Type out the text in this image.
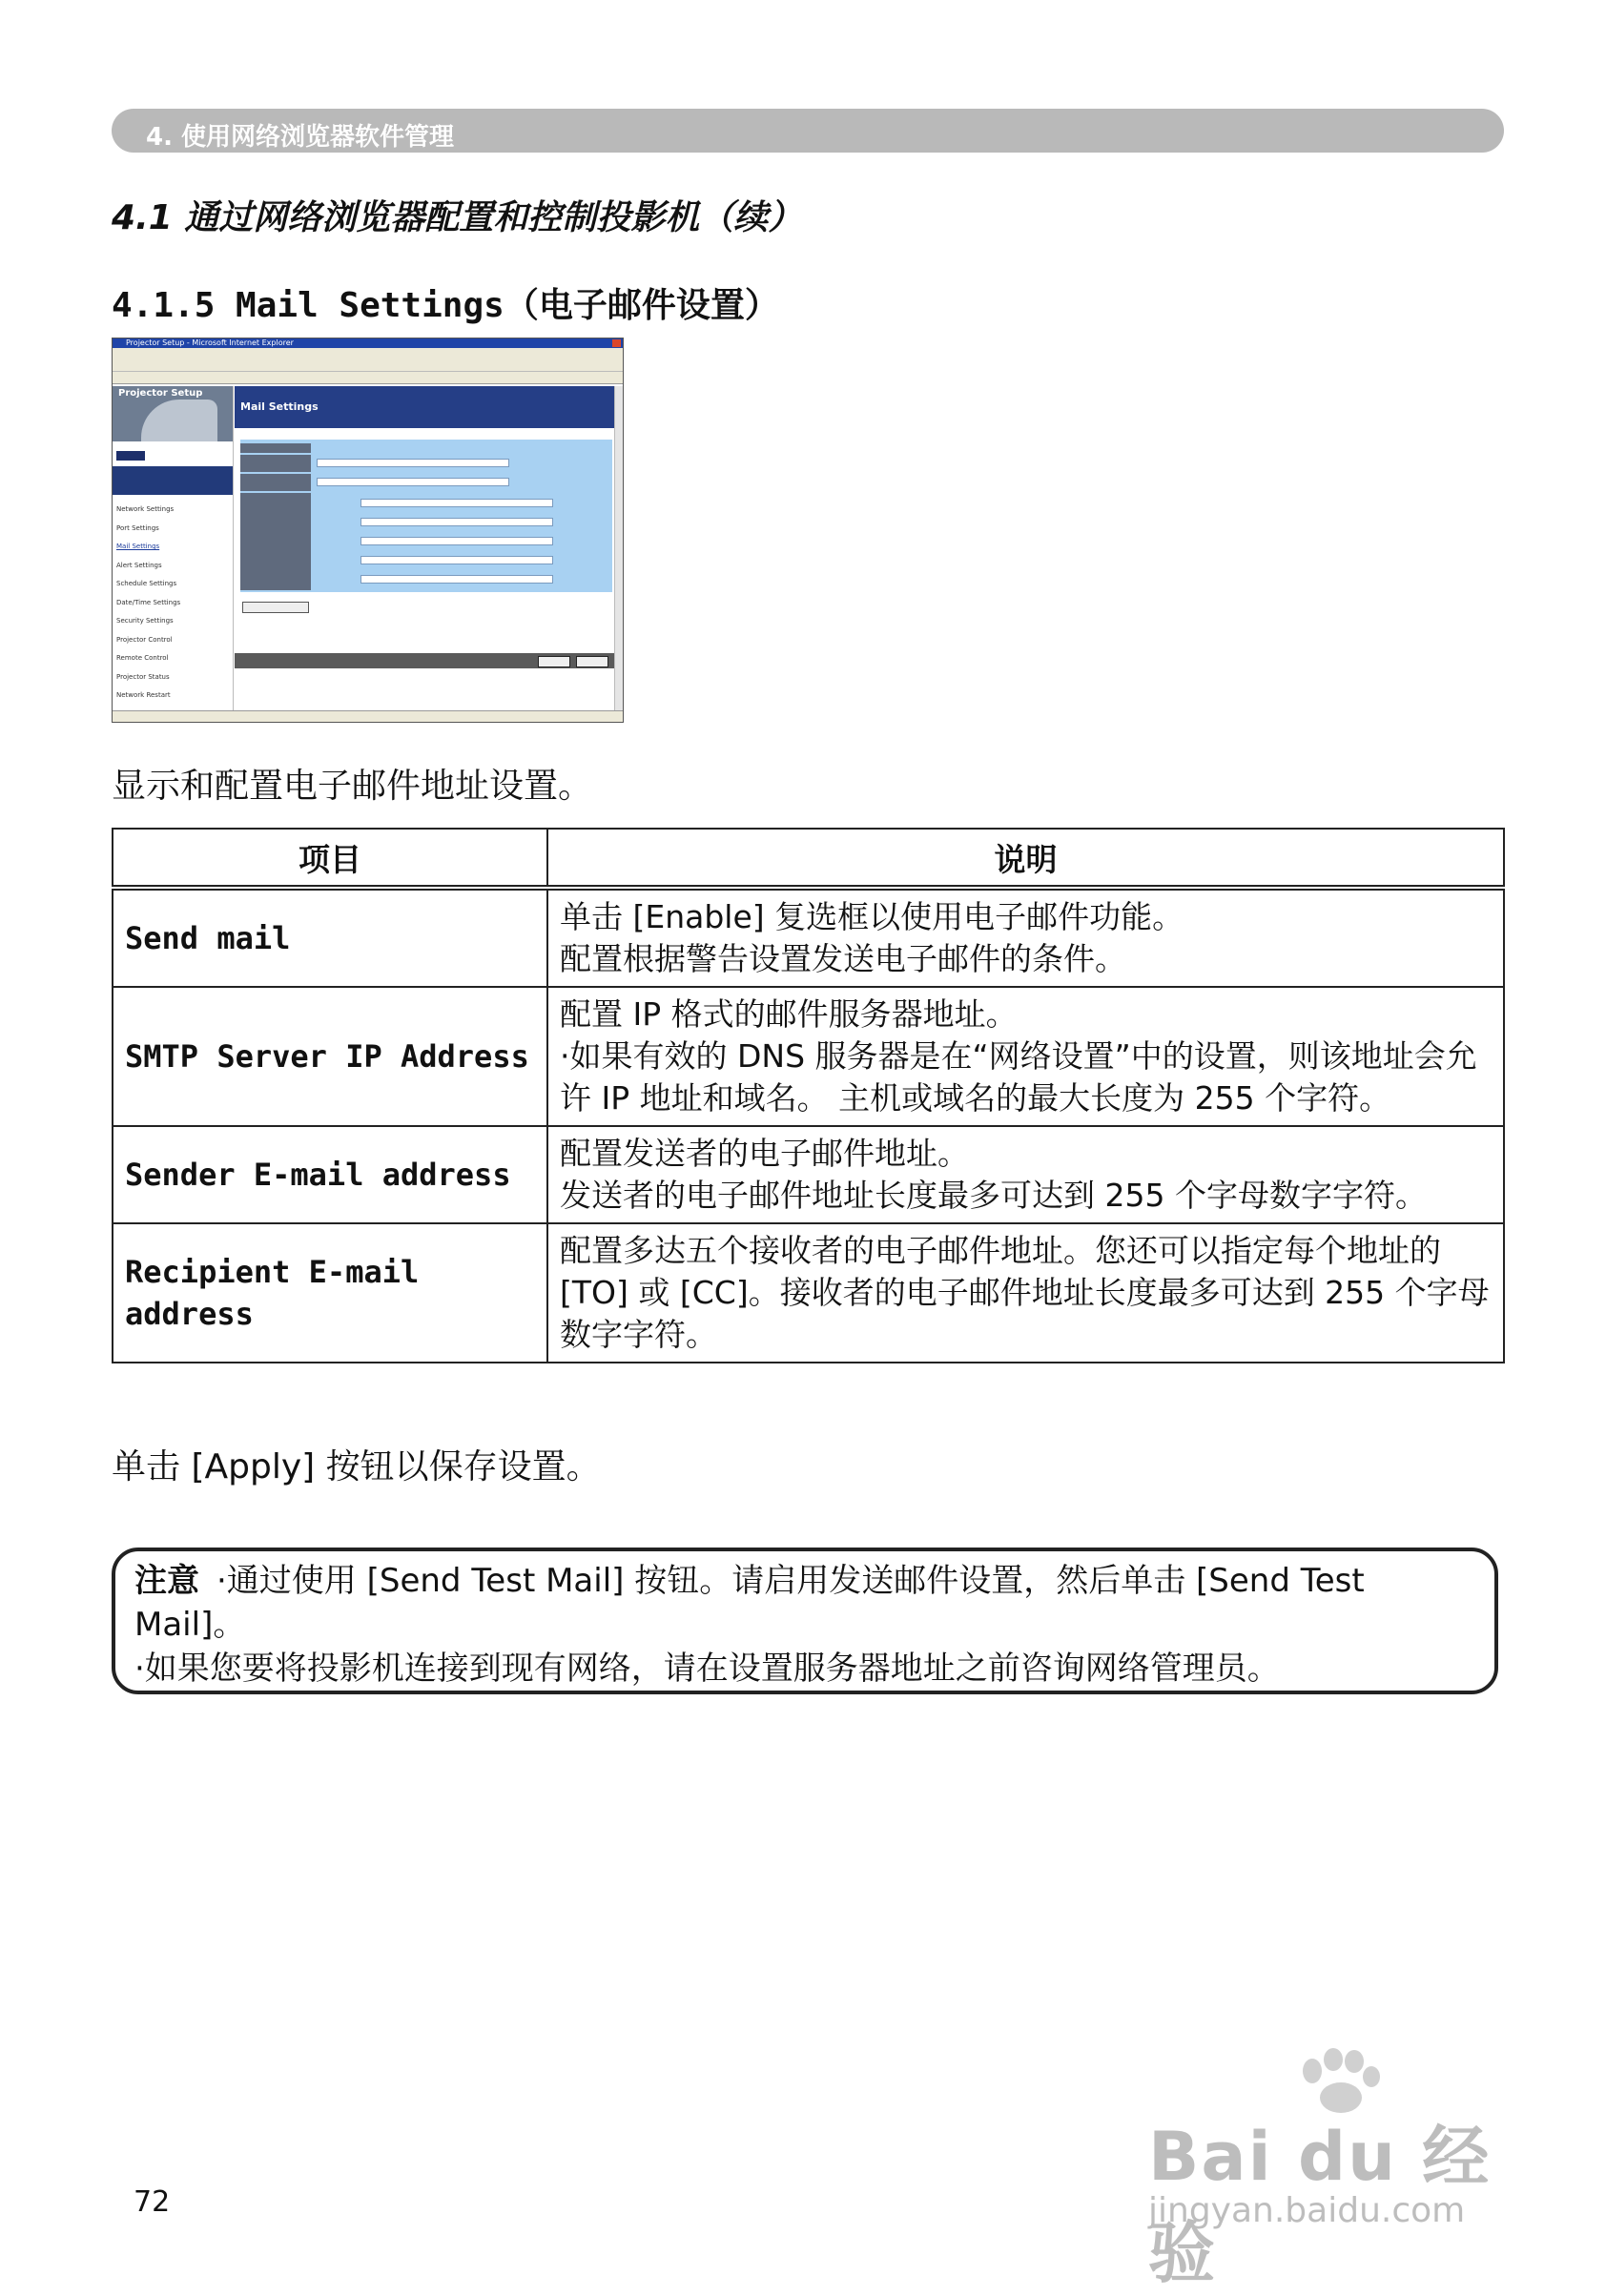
4. 使用网络浏览器软件管理
4.1 通过网络浏览器配置和控制投影机（续）
4.1.5 Mail Settings（电子邮件设置）
Projector Setup - Microsoft Internet Explorer
Projector Setup
Network Settings
Port Settings
Mail Settings
Alert Settings
Schedule Settings
Date/Time Settings
Security Settings
Projector Control
Remote Control
Projector Status
Network Restart
Mail Settings
显示和配置电子邮件地址设置。
项目	说明
Send mail	单击 [Enable] 复选框以使用电子邮件功能。
配置根据警告设置发送电子邮件的条件。

SMTP Server IP Address	配置 IP 格式的邮件服务器地址。
·如果有效的 DNS 服务器是在“网络设置”中的设置，则该地址会允许 IP 地址和域名。 主机或域名的最大长度为 255 个字符。

Sender E-mail address	配置发送者的电子邮件地址。
发送者的电子邮件地址长度最多可达到 255 个字母数字字符。

Recipient E-mail address	配置多达五个接收者的电子邮件地址。您还可以指定每个地址的 [TO] 或 [CC]。接收者的电子邮件地址长度最多可达到 255 个字母数字字符。
单击 [Apply] 按钮以保存设置。
注意 ·通过使用 [Send Test Mail] 按钮。请启用发送邮件设置，然后单击 [Send Test Mail]。
·如果您要将投影机连接到现有网络，请在设置服务器地址之前咨询网络管理员。
72
Bai du 经验
jingyan.baidu.com
